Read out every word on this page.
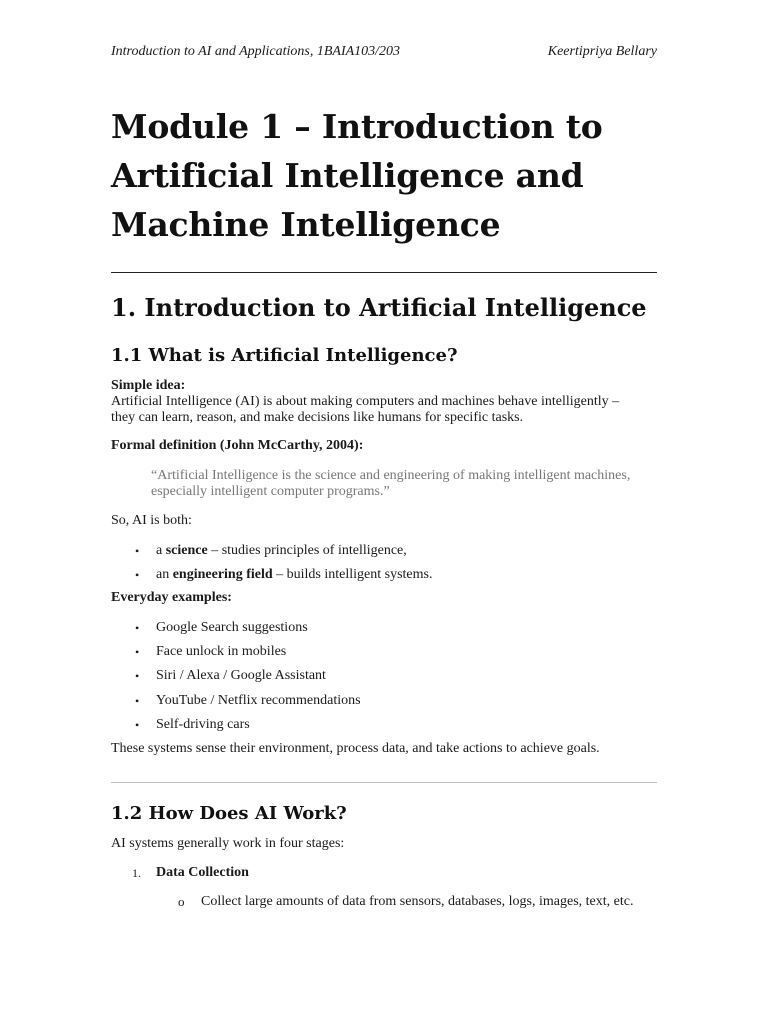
Introduction to AI and Applications, 1BAIA103/203	Keertipriya Bellary
Module 1 – Introduction to
Artificial Intelligence and
Machine Intelligence
1. Introduction to Artificial Intelligence
1.1 What is Artificial Intelligence?

Simple idea:
Artificial Intelligence (AI) is about making computers and machines behave intelligently –
they can learn, reason, and make decisions like humans for specific tasks.

Formal definition (John McCarthy, 2004):

“Artificial Intelligence is the science and engineering of making intelligent machines,
especially intelligent computer programs.”

So, AI is both:

• a science – studies principles of intelligence,
• an engineering field – builds intelligent systems.

Everyday examples:

• Google Search suggestions
• Face unlock in mobiles
• Siri / Alexa / Google Assistant
• YouTube / Netflix recommendations
• Self-driving cars

These systems sense their environment, process data, and take actions to achieve goals.

1.2 How Does AI Work?

AI systems generally work in four stages:

1. Data Collection
o Collect large amounts of data from sensors, databases, logs, images, text, etc.
